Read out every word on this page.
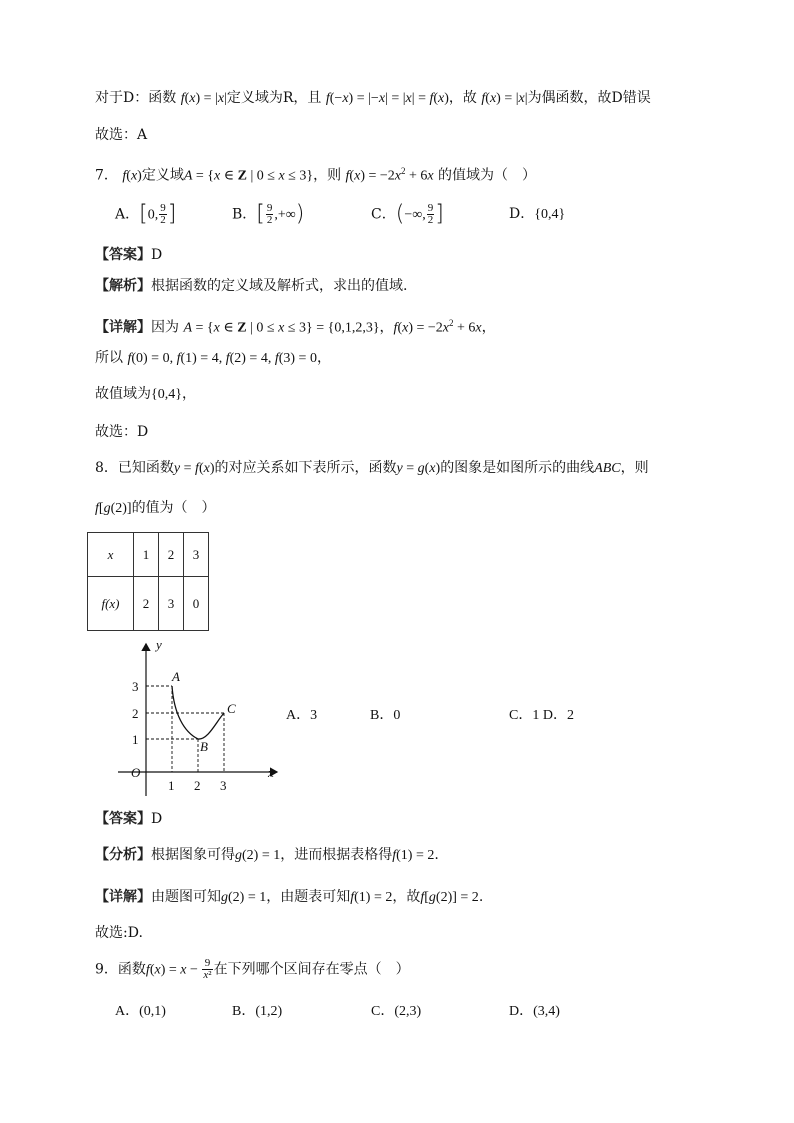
对于D：函数 f(x) = |x|定义域为R，且 f(−x) = |−x| = |x| = f(x)，故 f(x) = |x|为偶函数，故D错误
故选：A
7． f(x)定义域A = {x ∈ Z | 0 ≤ x ≤ 3}，则 $f(x) = -2x^2 + 6x$ 的值域为（　）
A．[0, $\frac{9}{2}$ ]	B．[ $\frac{9}{2}$ ,+∞)	C．(−∞, $\frac{9}{2}$ ]	D．{0,4}
【答案】D
【解析】根据函数的定义域及解析式，求出的值域.
【详解】因为 A = {x ∈ Z | 0 ≤ x ≤ 3} = {0,1,2,3}，$f(x) = -2x^2 + 6x$，
所以 f(0) = 0, f(1) = 4, f(2) = 4, f(3) = 0，
故值域为{0,4}，
故选：D
8．已知函数y = f(x)的对应关系如下表所示，函数y = g(x)的图象是如图所示的曲线ABC，则
f[g(2)]的值为（　）
x	1	2	3
f(x)	2	3	0
y
x
O
1 2 3
1
2
3
A
B
C	A．3	B．0	C．1 D．2
【答案】D
【分析】根据图象可得g(2) = 1，进而根据表格得f(1) = 2.
【详解】由题图可知g(2) = 1，由题表可知f(1) = 2，故f[g(2)] = 2.
故选:D.
9．函数$f(x) = x - \frac{9}{\text{x²}}$ 在下列哪个区间存在零点（　）
A．(0,1)	B．(1,2)	C．(2,3)	D．(3,4)
